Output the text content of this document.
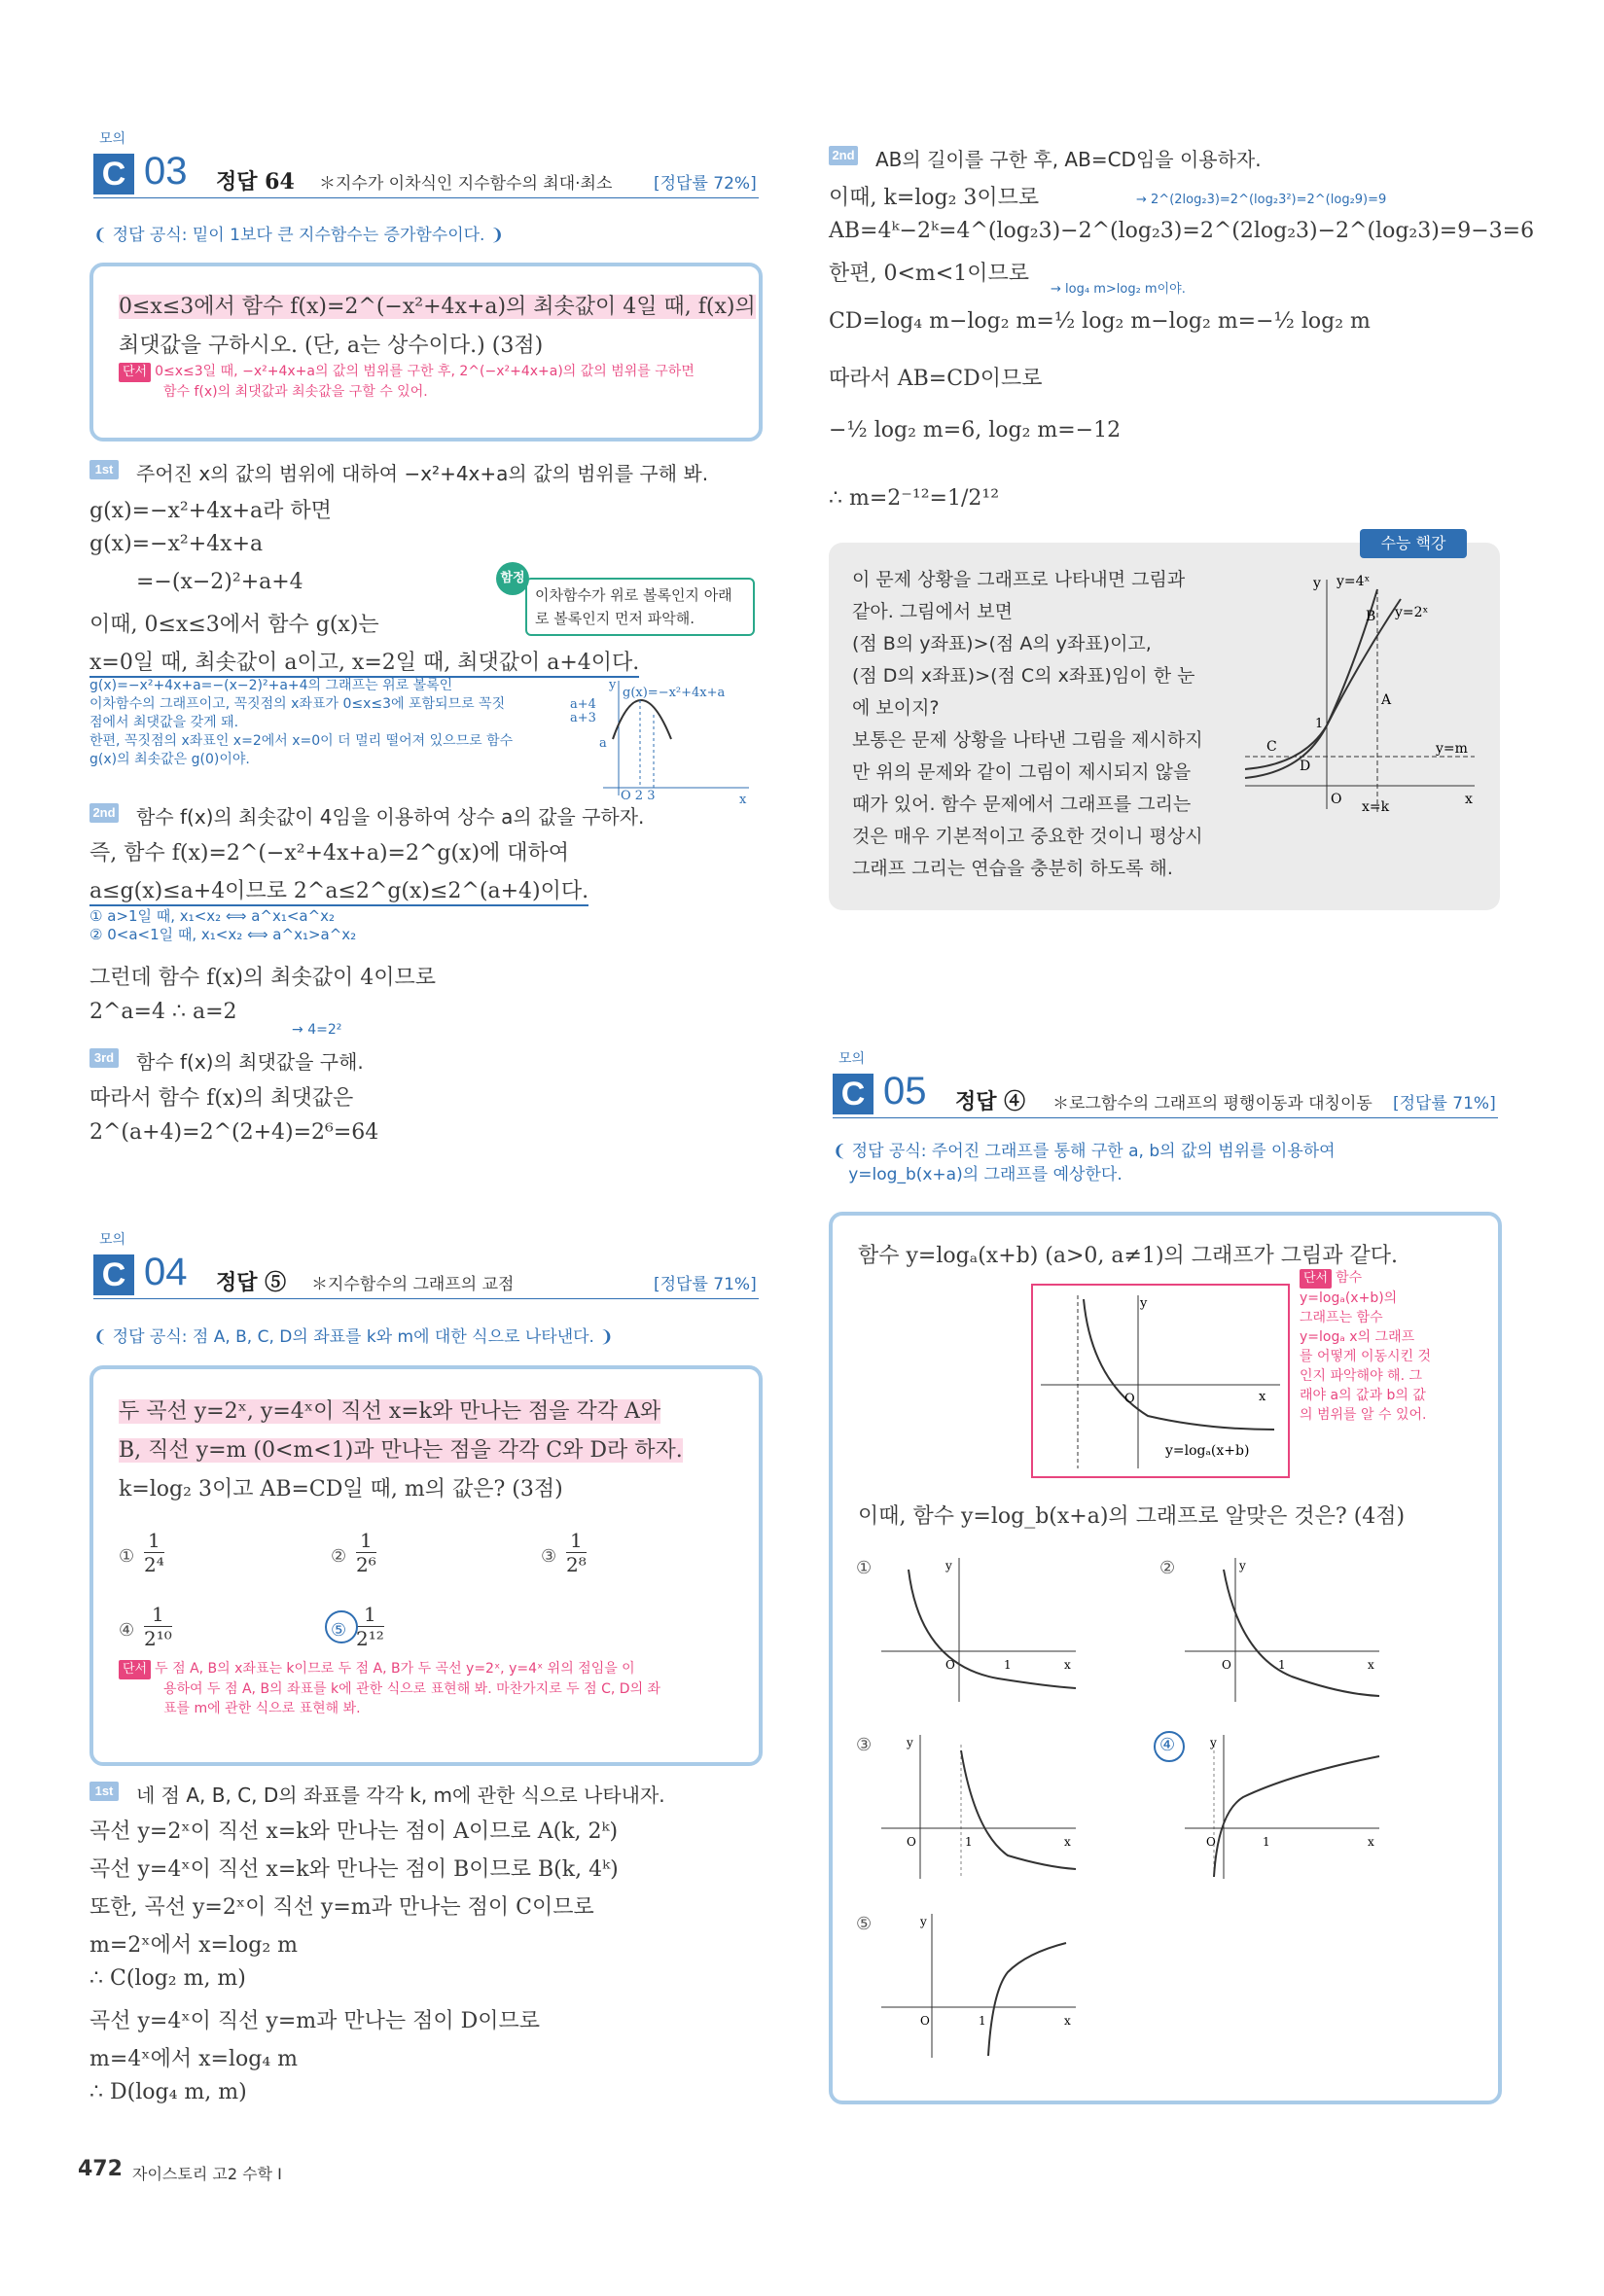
모의
C 03 정답 64 ＊지수가 이차식인 지수함수의 최대·최소	[정답률 72%]
❨ 정답 공식: 밑이 1보다 큰 지수함수는 증가함수이다. ❩
0≤x≤3에서 함수 f(x)=2^(−x²+4x+a)의 최솟값이 4일 때, f(x)의
최댓값을 구하시오. (단, a는 상수이다.) (3점)
단서 0≤x≤3일 때, −x²+4x+a의 값의 범위를 구한 후, 2^(−x²+4x+a)의 값의 범위를 구하면
함수 f(x)의 최댓값과 최솟값을 구할 수 있어.
1st 주어진 x의 값의 범위에 대하여 −x²+4x+a의 값의 범위를 구해 봐.
g(x)=−x²+4x+a라 하면
g(x)=−x²+4x+a
=−(x−2)²+a+4
이때, 0≤x≤3에서 함수 g(x)는
x=0일 때, 최솟값이 a이고, x=2일 때, 최댓값이 a+4이다.
함정
이차함수가 위로 볼록인지 아래
로 볼록인지 먼저 파악해.
g(x)=−x²+4x+a=−(x−2)²+a+4의 그래프는 위로 볼록인
이차함수의 그래프이고, 꼭짓점의 x좌표가 0≤x≤3에 포함되므로 꼭짓
점에서 최댓값을 갖게 돼.
한편, 꼭짓점의 x좌표인 x=2에서 x=0이 더 멀리 떨어져 있으므로 함수
g(x)의 최솟값은 g(0)이야.
g(x)=−x²+4x+a
a+4
a+3
a
O 2 3	x
y
2nd 함수 f(x)의 최솟값이 4임을 이용하여 상수 a의 값을 구하자.
즉, 함수 f(x)=2^(−x²+4x+a)=2^g(x)에 대하여
a≤g(x)≤a+4이므로 2^a≤2^g(x)≤2^(a+4)이다.
① a>1일 때, x₁<x₂ ⟺ a^x₁<a^x₂
② 0<a<1일 때, x₁<x₂ ⟺ a^x₁>a^x₂
그런데 함수 f(x)의 최솟값이 4이므로
2^a=4 ∴ a=2
→ 4=2²
3rd 함수 f(x)의 최댓값을 구해.
따라서 함수 f(x)의 최댓값은
2^(a+4)=2^(2+4)=2⁶=64
모의
C 04 정답 ⑤ ＊지수함수의 그래프의 교점	[정답률 71%]
❨ 정답 공식: 점 A, B, C, D의 좌표를 k와 m에 대한 식으로 나타낸다. ❩
두 곡선 y=2ˣ, y=4ˣ이 직선 x=k와 만나는 점을 각각 A와
B, 직선 y=m (0<m<1)과 만나는 점을 각각 C와 D라 하자.
k=log₂ 3이고 AB=CD일 때, m의 값은? (3점)
① $\frac{1}{\text{2⁴}}$	② $\frac{1}{\text{2⁶}}$	③ $\frac{1}{\text{2⁸}}$
④ $\frac{1}{\text{2¹⁰}}$	⑤ $\frac{1}{\text{2¹²}}$
단서 두 점 A, B의 x좌표는 k이므로 두 점 A, B가 두 곡선 y=2ˣ, y=4ˣ 위의 점임을 이
용하여 두 점 A, B의 좌표를 k에 관한 식으로 표현해 봐. 마찬가지로 두 점 C, D의 좌
표를 m에 관한 식으로 표현해 봐.
1st 네 점 A, B, C, D의 좌표를 각각 k, m에 관한 식으로 나타내자.
곡선 y=2ˣ이 직선 x=k와 만나는 점이 A이므로 A(k, 2ᵏ)
곡선 y=4ˣ이 직선 x=k와 만나는 점이 B이므로 B(k, 4ᵏ)
또한, 곡선 y=2ˣ이 직선 y=m과 만나는 점이 C이므로
m=2ˣ에서 x=log₂ m
∴ C(log₂ m, m)
곡선 y=4ˣ이 직선 y=m과 만나는 점이 D이므로
m=4ˣ에서 x=log₄ m
∴ D(log₄ m, m)
2nd AB의 길이를 구한 후, AB=CD임을 이용하자.
이때, k=log₂ 3이므로	→ 2^(2log₂3)=2^(log₂3²)=2^(log₂9)=9
AB=4ᵏ−2ᵏ=4^(log₂3)−2^(log₂3)=2^(2log₂3)−2^(log₂3)=9−3=6
한편, 0<m<1이므로
→ log₄ m>log₂ m이야.
CD=log₄ m−log₂ m=½ log₂ m−log₂ m=−½ log₂ m
따라서 AB=CD이므로
−½ log₂ m=6, log₂ m=−12
∴ m=2⁻¹²=1/2¹²
수능 핵강
이 문제 상황을 그래프로 나타내면 그림과
같아. 그림에서 보면
(점 B의 y좌표)>(점 A의 y좌표)이고,
(점 D의 x좌표)>(점 C의 x좌표)임이 한 눈
에 보이지?
보통은 문제 상황을 나타낸 그림을 제시하지
만 위의 문제와 같이 그림이 제시되지 않을
때가 있어. 함수 문제에서 그래프를 그리는
것은 매우 기본적이고 중요한 것이니 평상시
그래프 그리는 연습을 충분히 하도록 해.
y=4ˣ
y=2ˣ
y=m
x=k
y
x
O
1
A
B
C
D
모의
C 05 정답 ④ ＊로그함수의 그래프의 평행이동과 대칭이동 [정답률 71%]
❨ 정답 공식: 주어진 그래프를 통해 구한 a, b의 값의 범위를 이용하여
y=log_b(x+a)의 그래프를 예상한다.
함수 y=logₐ(x+b) (a>0, a≠1)의 그래프가 그림과 같다.
y
x
O
y=logₐ(x+b)
단서 함수
y=logₐ(x+b)의
그래프는 함수
y=logₐ x의 그래프
를 어떻게 이동시킨 것
인지 파악해야 해. 그
래야 a의 값과 b의 값
의 범위를 알 수 있어.
이때, 함수 y=log_b(x+a)의 그래프로 알맞은 것은? (4점)
①	y
x
O	1
②	y
x
O	1
③	y
x
O	1
④	y
x
O	1
⑤	y
x
O	1
472 자이스토리 고2 수학 I
